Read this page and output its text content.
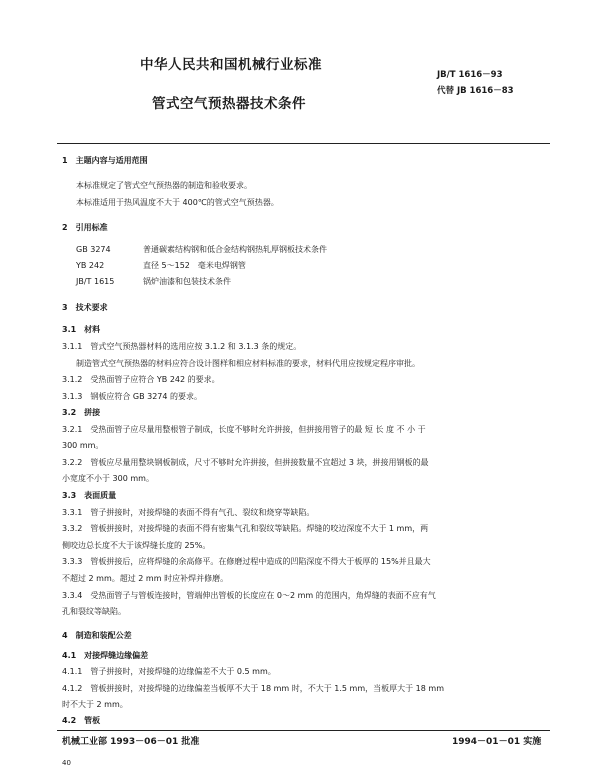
中华人民共和国机械行业标准
管式空气预热器技术条件
JB/T 1616－93
代替 JB 1616－83
1　主题内容与适用范围
本标准规定了管式空气预热器的制造和验收要求。
本标准适用于热风温度不大于 400℃的管式空气预热器。
2　引用标准
GB 3274	普通碳素结构钢和低合金结构钢热轧厚钢板技术条件
YB 242	直径 5～152　毫米电焊钢管
JB/T 1615	锅炉油漆和包装技术条件
3　技术要求
3.1　材料
3.1.1　管式空气预热器材料的选用应按 3.1.2 和 3.1.3 条的规定。
制造管式空气预热器的材料应符合设计图样和相应材料标准的要求，材料代用应按规定程序审批。
3.1.2　受热面管子应符合 YB 242 的要求。
3.1.3　钢板应符合 GB 3274 的要求。
3.2　拼接
3.2.1　受热面管子应尽量用整根管子制成，长度不够时允许拼接，但拼接用管子的最 短 长 度 不 小 于
300 mm。
3.2.2　管板应尽量用整块钢板制成，尺寸不够时允许拼接，但拼接数量不宜超过 3 块，拼接用钢板的最
小宽度不小于 300 mm。
3.3　表面质量
3.3.1　管子拼接时，对接焊缝的表面不得有气孔、裂纹和烧穿等缺陷。
3.3.2　管板拼接时，对接焊缝的表面不得有密集气孔和裂纹等缺陷。焊缝的咬边深度不大于 1 mm，两
侧咬边总长度不大于该焊缝长度的 25%。
3.3.3　管板拼接后，应将焊缝的余高修平。在修磨过程中造成的凹陷深度不得大于板厚的 15%并且最大
不超过 2 mm。超过 2 mm 时应补焊并修磨。
3.3.4　受热面管子与管板连接时，管端伸出管板的长度应在 0～2 mm 的范围内，角焊缝的表面不应有气
孔和裂纹等缺陷。
4　制造和装配公差
4.1　对接焊缝边缘偏差
4.1.1　管子拼接时，对接焊缝的边缘偏差不大于 0.5 mm。
4.1.2　管板拼接时，对接焊缝的边缘偏差当板厚不大于 18 mm 时，不大于 1.5 mm，当板厚大于 18 mm
时不大于 2 mm。
4.2　管板
机械工业部 1993－06－01 批准	1994－01－01 实施
40
